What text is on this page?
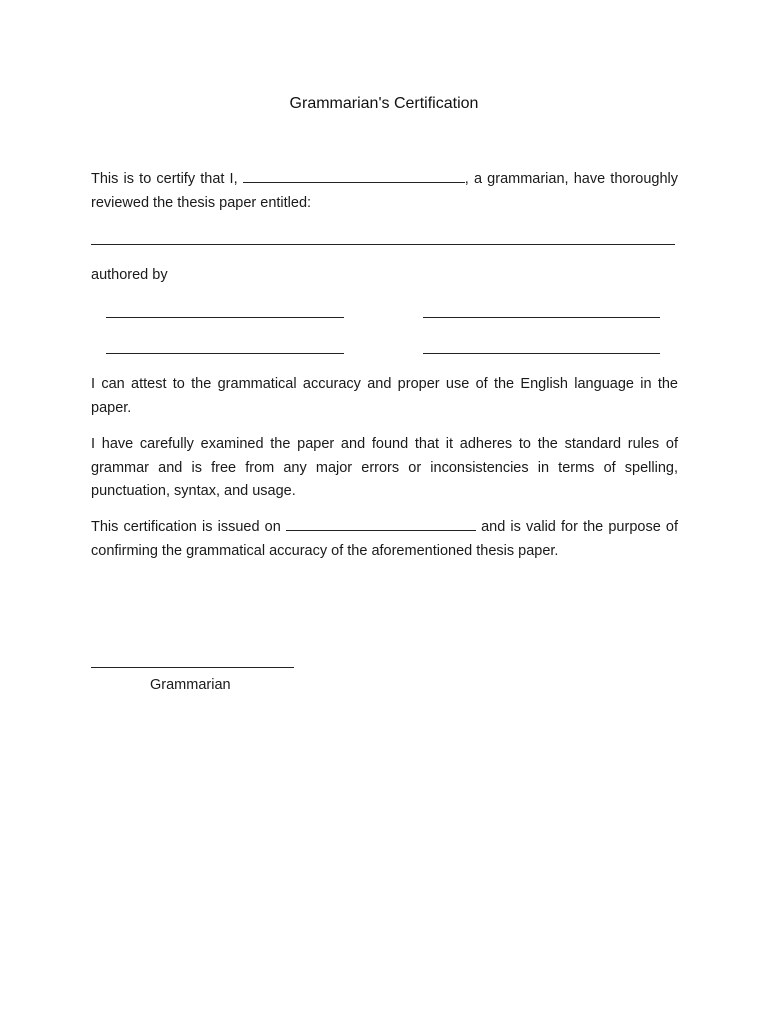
Grammarian's Certification
This is to certify that I,	, a grammarian, have thoroughly reviewed the thesis paper entitled:
authored by
I can attest to the grammatical accuracy and proper use of the English language in the paper.
I have carefully examined the paper and found that it adheres to the standard rules of grammar and is free from any major errors or inconsistencies in terms of spelling, punctuation, syntax, and usage.
This certification is issued on	and is valid for the purpose of confirming the grammatical accuracy of the aforementioned thesis paper.
Grammarian
